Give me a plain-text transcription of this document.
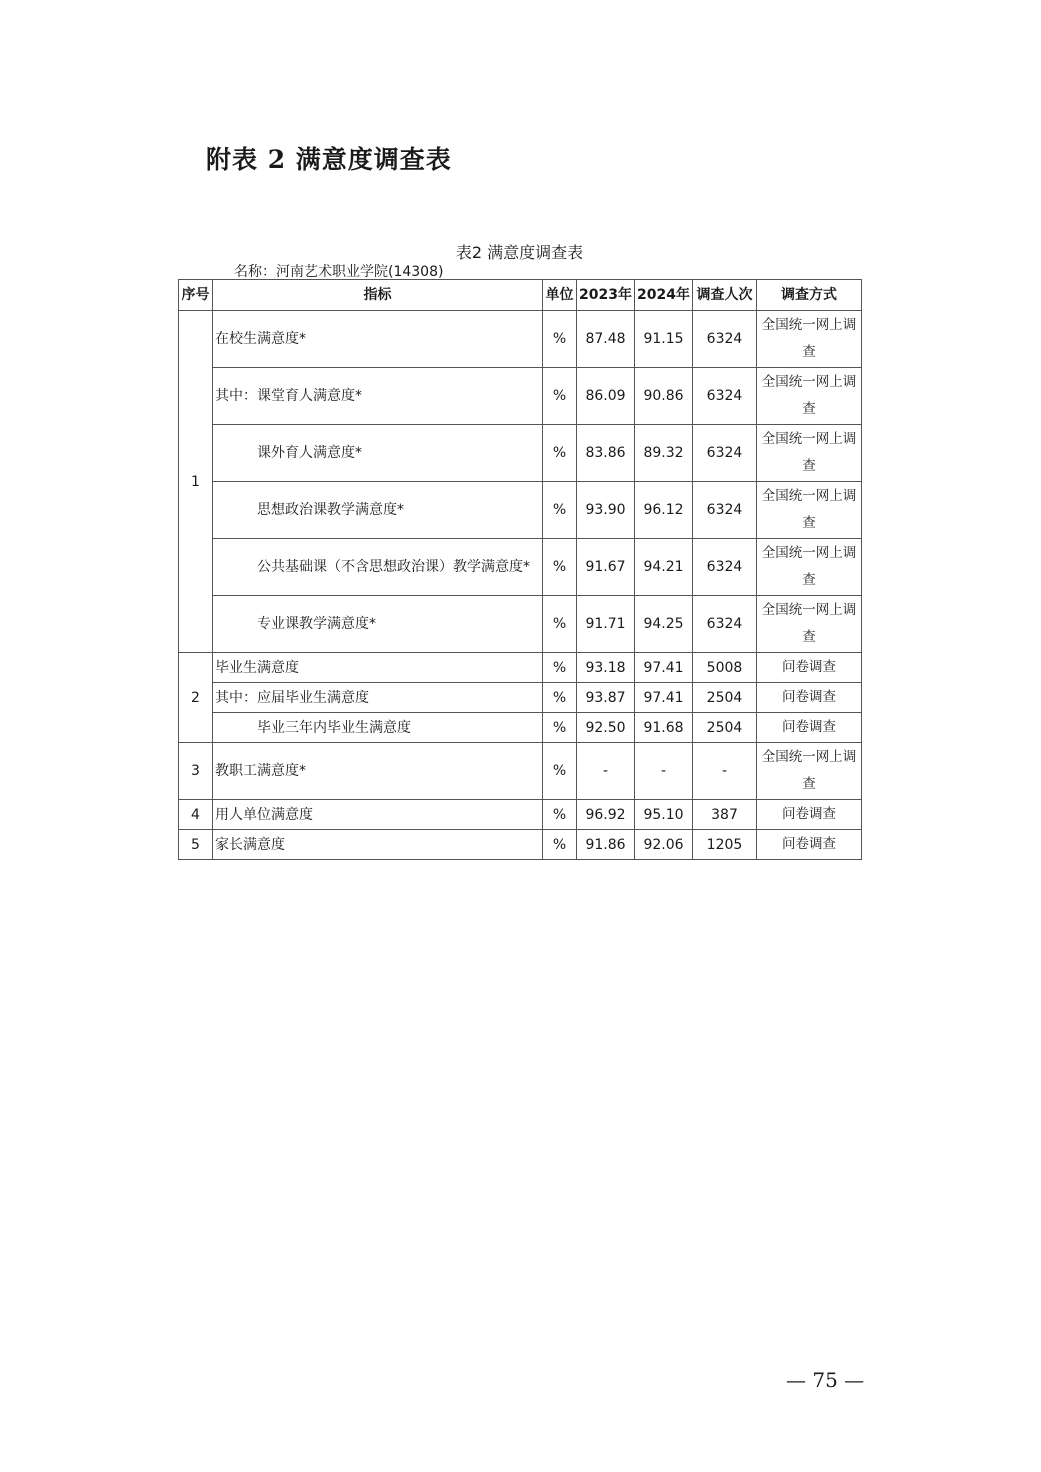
附表 2 满意度调查表
表2 满意度调查表
名称：河南艺术职业学院(14308)
序号	指标	单位	2023年	2024年	调查人次	调查方式
1	在校生满意度*	%	87.48	91.15	6324	全国统一网上调查
	其中：课堂育人满意度*	%	86.09	90.86	6324	全国统一网上调查
	课外育人满意度*	%	83.86	89.32	6324	全国统一网上调查
	思想政治课教学满意度*	%	93.90	96.12	6324	全国统一网上调查
	公共基础课（不含思想政治课）教学满意度*	%	91.67	94.21	6324	全国统一网上调查
	专业课教学满意度*	%	91.71	94.25	6324	全国统一网上调查
2	毕业生满意度	%	93.18	97.41	5008	问卷调查
	其中：应届毕业生满意度	%	93.87	97.41	2504	问卷调查
	毕业三年内毕业生满意度	%	92.50	91.68	2504	问卷调查
3	教职工满意度*	%	-	-	-	全国统一网上调查
4	用人单位满意度	%	96.92	95.10	387	问卷调查
5	家长满意度	%	91.86	92.06	1205	问卷调查
— 75 —
